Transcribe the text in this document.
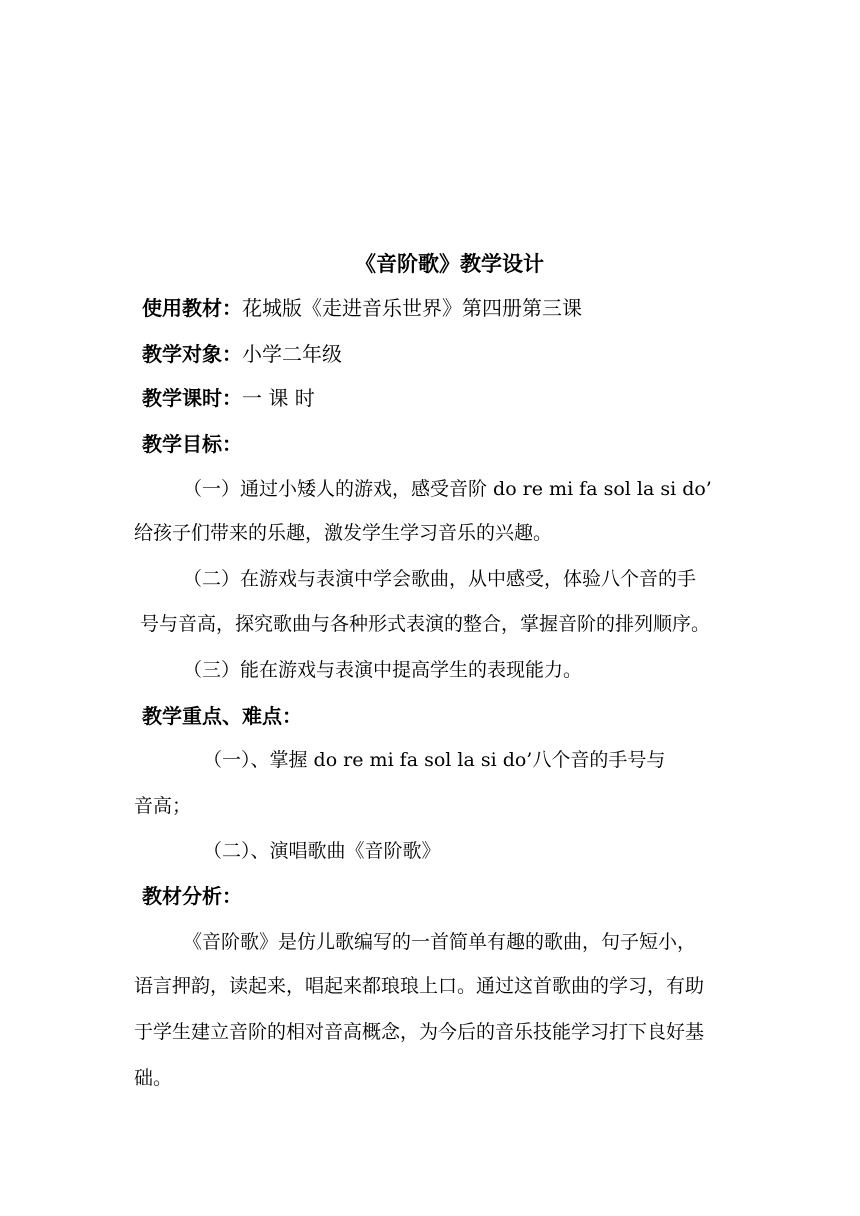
《音阶歌》教学设计
使用教材：花城版《走进音乐世界》第四册第三课
教学对象：小学二年级
教学课时：一 课 时
教学目标：
（一）通过小矮人的游戏，感受音阶 do re mi fa sol la si do’
给孩子们带来的乐趣，激发学生学习音乐的兴趣。
（二）在游戏与表演中学会歌曲，从中感受，体验八个音的手
号与音高，探究歌曲与各种形式表演的整合，掌握音阶的排列顺序。
（三）能在游戏与表演中提高学生的表现能力。
教学重点、难点：
（一）、掌握 do re mi fa sol la si do’八个音的手号与
音高；
（二）、演唱歌曲《音阶歌》
教材分析：
《音阶歌》是仿儿歌编写的一首简单有趣的歌曲，句子短小，
语言押韵，读起来，唱起来都琅琅上口。通过这首歌曲的学习，有助
于学生建立音阶的相对音高概念，为今后的音乐技能学习打下良好基
础。
